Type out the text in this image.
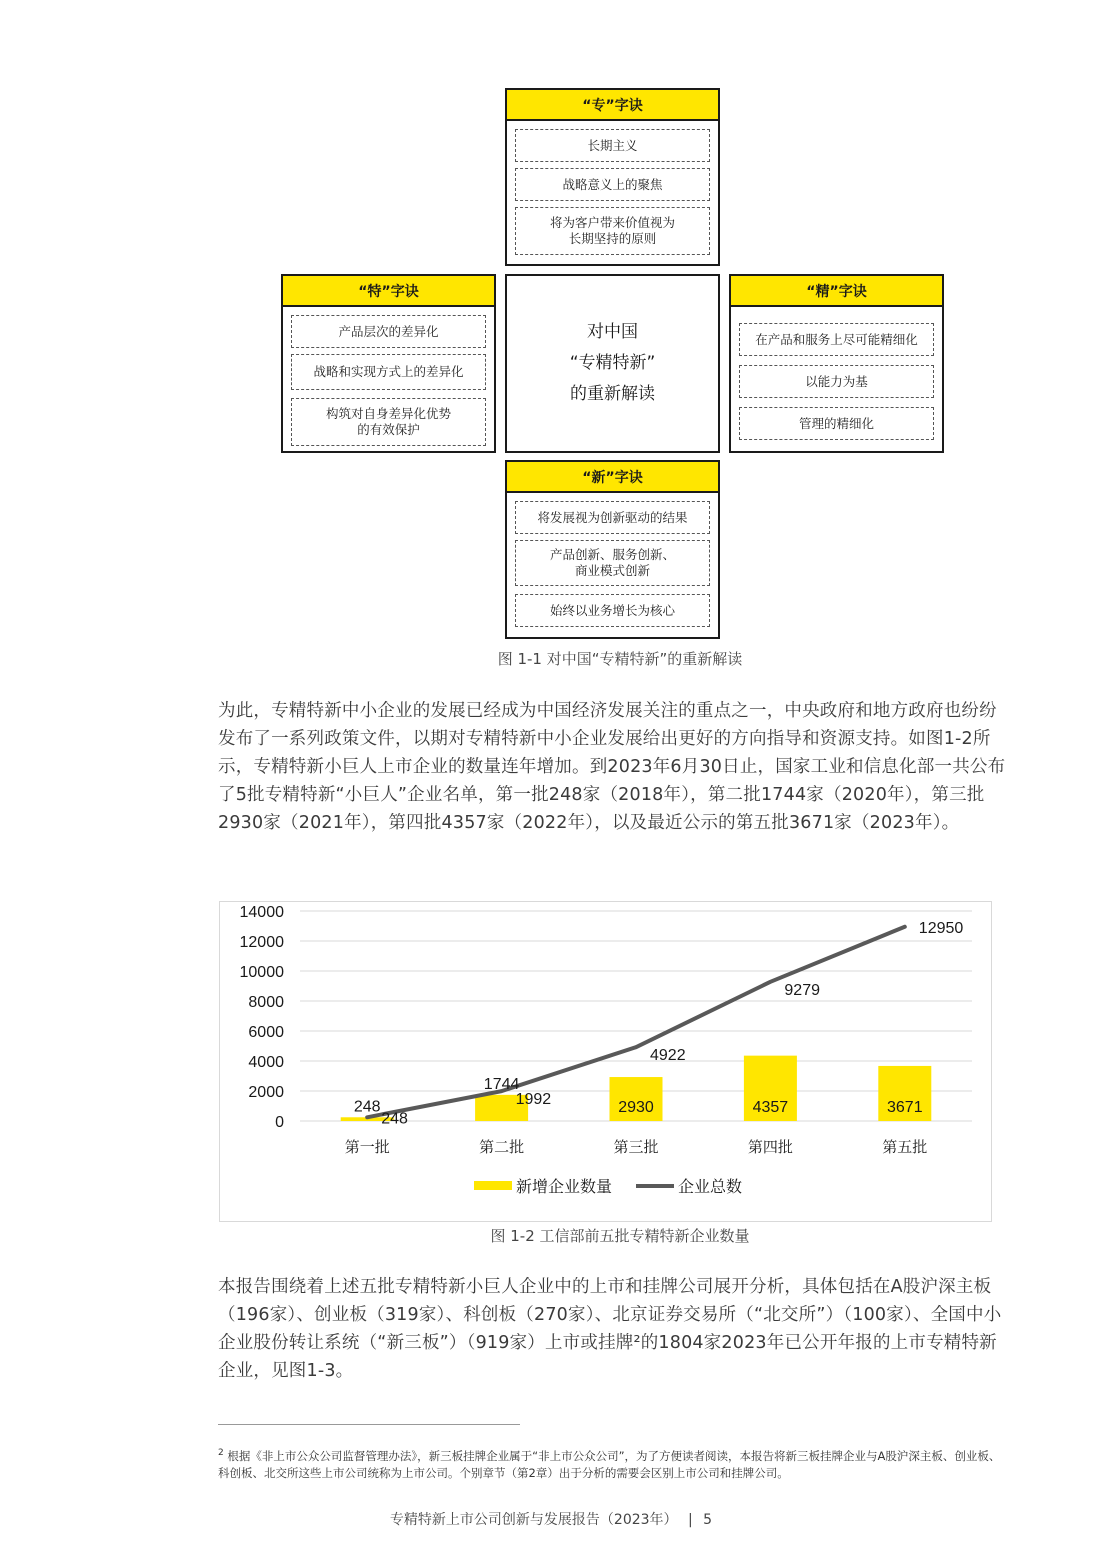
“专”字诀
长期主义
战略意义上的聚焦
将为客户带来价值视为
长期坚持的原则
“特”字诀
产品层次的差异化
战略和实现方式上的差异化
构筑对自身差异化优势
的有效保护
对中国
“专精特新”
的重新解读
“精”字诀
在产品和服务上尽可能精细化
以能力为基
管理的精细化
“新”字诀
将发展视为创新驱动的结果
产品创新、服务创新、
商业模式创新
始终以业务增长为核心
图 1-1 对中国“专精特新”的重新解读

为此，专精特新中小企业的发展已经成为中国经济发展关注的重点之一，中央政府和地方政府也纷纷发布了一系列政策文件，以期对专精特新中小企业发展给出更好的方向指导和资源支持。如图1-2所示，专精特新小巨人上市企业的数量连年增加。到2023年6月30日止，国家工业和信息化部一共公布了5批专精特新“小巨人”企业名单，第一批248家（2018年），第二批1744家（2020年），第三批2930家（2021年），第四批4357家（2022年），以及最近公示的第五批3671家（2023年）。

0
2000
4000
6000
8000
10000
12000
14000
第一批	第二批	第三批	第四批	第五批
248
1744
2930	4357	3671
248
1992
4922
9279
12950
新增企业数量	企业总数
图 1-2 工信部前五批专精特新企业数量

本报告围绕着上述五批专精特新小巨人企业中的上市和挂牌公司展开分析，具体包括在A股沪深主板（196家）、创业板（319家）、科创板（270家）、北京证券交易所（“北交所”）（100家）、全国中小企业股份转让系统（“新三板”）（919家）上市或挂牌²的1804家2023年已公开年报的上市专精特新企业，见图1-3。

$^2$ 根据《非上市公众公司监督管理办法》，新三板挂牌企业属于“非上市公众公司”，为了方便读者阅读，本报告将新三板挂牌企业与A股沪深主板、创业板、科创板、北交所这些上市公司统称为上市公司。个别章节（第2章）出于分析的需要会区别上市公司和挂牌公司。

专精特新上市公司创新与发展报告（2023年） | 5
